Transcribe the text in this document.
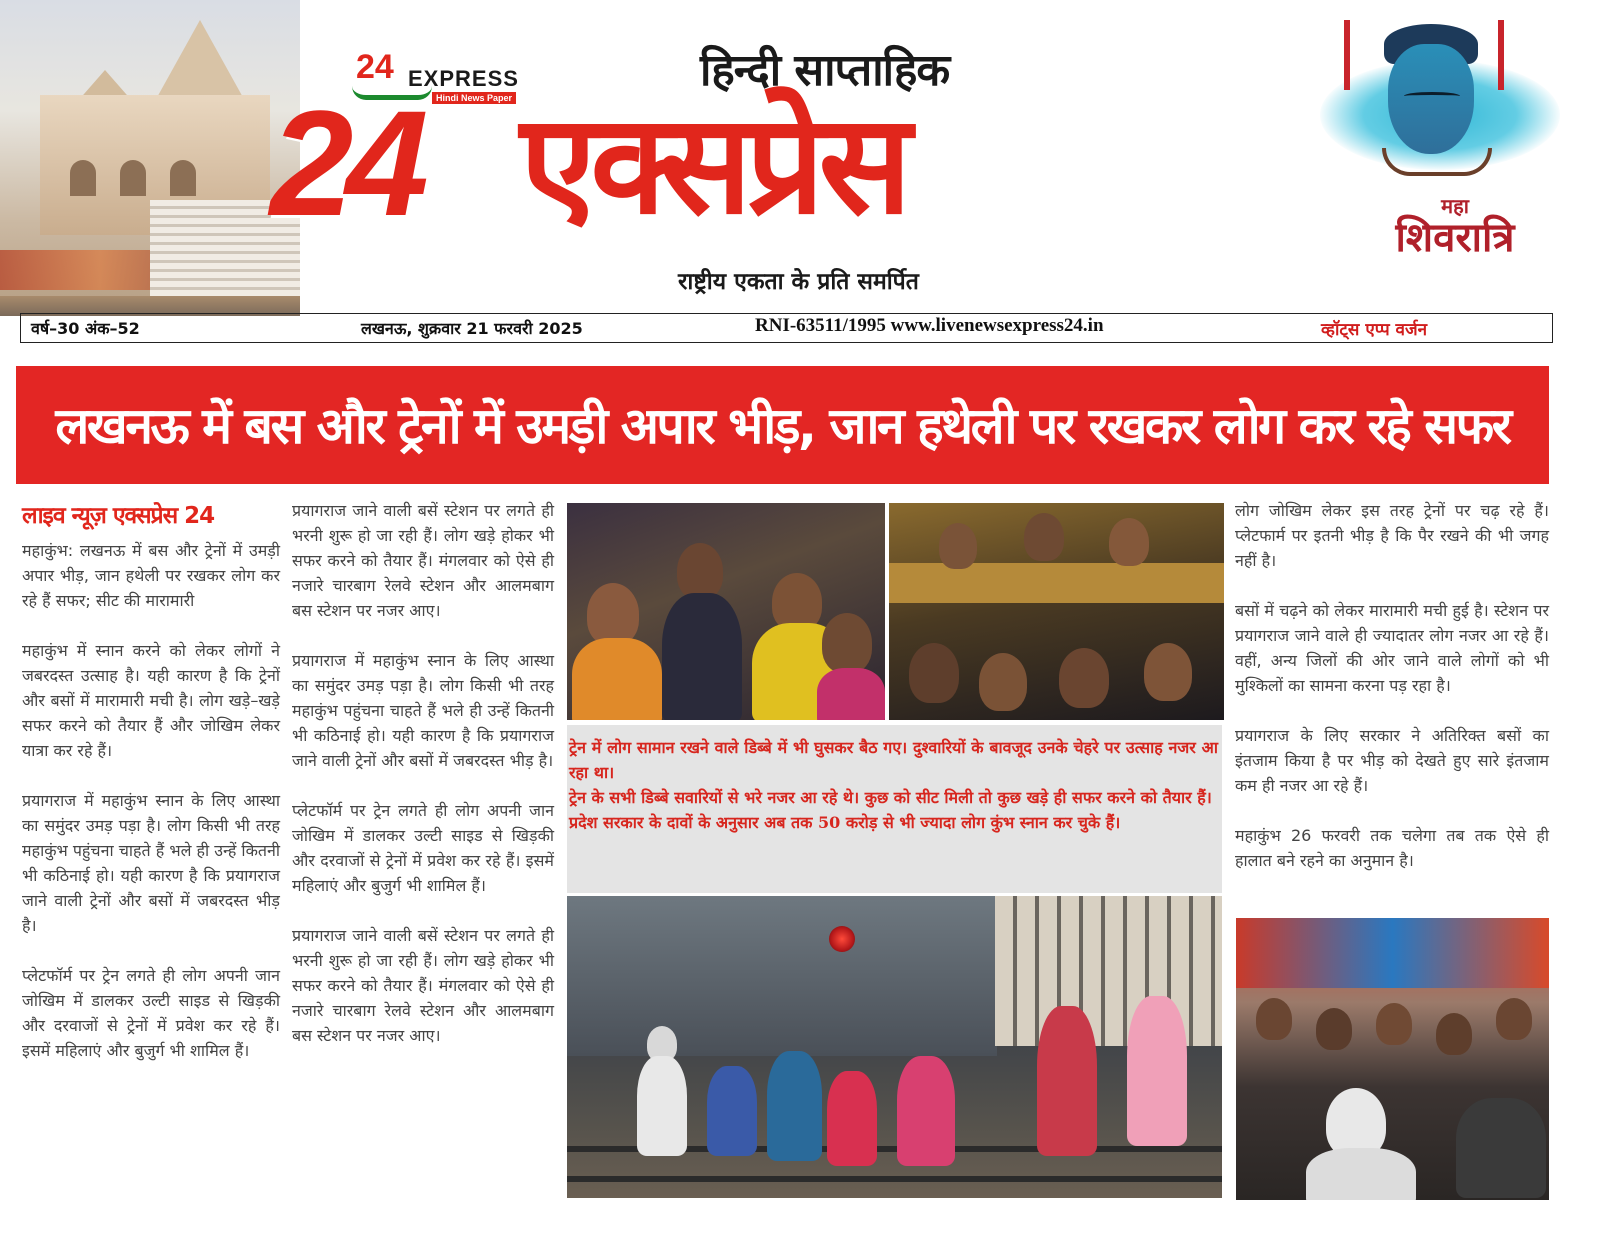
24 EXPRESS
Hindi News Paper
हिन्दी साप्ताहिक
24 एक्सप्रेस
राष्ट्रीय एकता के प्रति समर्पित
महा
शिवरात्रि
वर्ष–30 अंक–52	लखनऊ, शुक्रवार 21 फरवरी 2025	RNI-63511/1995 www.livenewsexpress24.in	व्हॉट्स एप्प वर्जन
लखनऊ में बस और ट्रेनों में उमड़ी अपार भीड़, जान हथेली पर रखकर लोग कर रहे सफर
लाइव न्यूज़ एक्सप्रेस 24

महाकुंभ: लखनऊ में बस और ट्रेनों में उमड़ी अपार भीड़, जान हथेली पर रखकर लोग कर रहे हैं सफर; सीट की मारामारी

महाकुंभ में स्नान करने को लेकर लोगों ने जबरदस्त उत्साह है। यही कारण है कि ट्रेनों और बसों में मारामारी मची है। लोग खड़े–खड़े सफर करने को तैयार हैं और जोखिम लेकर यात्रा कर रहे हैं।

प्रयागराज में महाकुंभ स्नान के लिए आस्था का समुंदर उमड़ पड़ा है। लोग किसी भी तरह महाकुंभ पहुंचना चाहते हैं भले ही उन्हें कितनी भी कठिनाई हो। यही कारण है कि प्रयागराज जाने वाली ट्रेनों और बसों में जबरदस्त भीड़ है।

प्लेटफॉर्म पर ट्रेन लगते ही लोग अपनी जान जोखिम में डालकर उल्टी साइड से खिड़की और दरवाजों से ट्रेनों में प्रवेश कर रहे हैं। इसमें महिलाएं और बुजुर्ग भी शामिल हैं।

प्रयागराज जाने वाली बसें स्टेशन पर लगते ही भरनी शुरू हो जा रही हैं। लोग खड़े होकर भी सफर करने को तैयार हैं। मंगलवार को ऐसे ही नजारे चारबाग रेलवे स्टेशन और आलमबाग बस स्टेशन पर नजर आए।

प्रयागराज में महाकुंभ स्नान के लिए आस्था का समुंदर उमड़ पड़ा है। लोग किसी भी तरह महाकुंभ पहुंचना चाहते हैं भले ही उन्हें कितनी भी कठिनाई हो। यही कारण है कि प्रयागराज जाने वाली ट्रेनों और बसों में जबरदस्त भीड़ है।

प्लेटफॉर्म पर ट्रेन लगते ही लोग अपनी जान जोखिम में डालकर उल्टी साइड से खिड़की और दरवाजों से ट्रेनों में प्रवेश कर रहे हैं। इसमें महिलाएं और बुजुर्ग भी शामिल हैं।

प्रयागराज जाने वाली बसें स्टेशन पर लगते ही भरनी शुरू हो जा रही हैं। लोग खड़े होकर भी सफर करने को तैयार हैं। मंगलवार को ऐसे ही नजारे चारबाग रेलवे स्टेशन और आलमबाग बस स्टेशन पर नजर आए।

ट्रेन में लोग सामान रखने वाले डिब्बे में भी घुसकर बैठ गए। दुश्वारियों के बावजूद उनके चेहरे पर उत्साह नजर आ रहा था।

ट्रेन के सभी डिब्बे सवारियों से भरे नजर आ रहे थे। कुछ को सीट मिली तो कुछ खड़े ही सफर करने को तैयार हैं।

प्रदेश सरकार के दावों के अनुसार अब तक 50 करोड़ से भी ज्यादा लोग कुंभ स्नान कर चुके हैं।

लोग जोखिम लेकर इस तरह ट्रेनों पर चढ़ रहे हैं। प्लेटफार्म पर इतनी भीड़ है कि पैर रखने की भी जगह नहीं है।

बसों में चढ़ने को लेकर मारामारी मची हुई है। स्टेशन पर प्रयागराज जाने वाले ही ज्यादातर लोग नजर आ रहे हैं। वहीं, अन्य जिलों की ओर जाने वाले लोगों को भी मुश्किलों का सामना करना पड़ रहा है।

प्रयागराज के लिए सरकार ने अतिरिक्त बसों का इंतजाम किया है पर भीड़ को देखते हुए सारे इंतजाम कम ही नजर आ रहे हैं।

महाकुंभ 26 फरवरी तक चलेगा तब तक ऐसे ही हालात बने रहने का अनुमान है।
